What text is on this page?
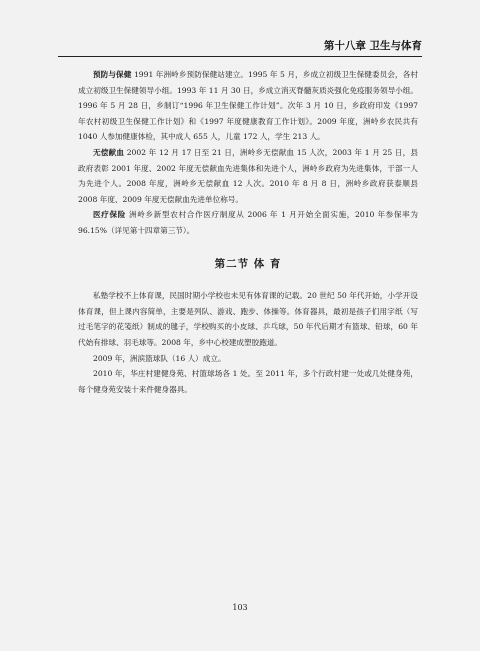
第十八章 卫生与体育

预防与保健 1991 年洲岭乡预防保健站建立。1995 年 5 月，乡成立初级卫生保健委员会，各村成立初级卫生保健领导小组。1993 年 11 月 30 日，乡成立消灭脊髓灰质炎强化免疫服务领导小组。1996 年 5 月 28 日，乡制订“1996 年卫生保健工作计划”。次年 3 月 10 日，乡政府印发《1997 年农村初级卫生保健工作计划》和《1997 年度健康教育工作计划》。2009 年度，洲岭乡农民共有 1040 人参加健康体检，其中成人 655 人，儿童 172 人，学生 213 人。

无偿献血 2002 年 12 月 17 日至 21 日，洲岭乡无偿献血 15 人次，2003 年 1 月 25 日，县政府表彰 2001 年度、2002 年度无偿献血先进集体和先进个人，洲岭乡政府为先进集体，干部一人为先进个人。2008 年度，洲岭乡无偿献血 12 人次。2010 年 8 月 8 日，洲岭乡政府获泰顺县 2008 年度、2009 年度无偿献血先进单位称号。

医疗保险 洲岭乡新型农村合作医疗制度从 2006 年 1 月开始全面实施，2010 年参保率为 96.15%（详见第十四章第三节）。

第二节 体 育

私塾学校不上体育课，民国时期小学校也未见有体育课的记载。20 世纪 50 年代开始，小学开设体育课，但上课内容简单，主要是列队、游戏、跑步、体操等。体育器具，最初是孩子们用字纸（写过毛笔字的花笺纸）制成的毽子，学校购买的小皮球、乒乓球，50 年代后期才有篮球、铅球，60 年代始有排球、羽毛球等。2008 年，乡中心校建成塑胶跑道。

2009 年，洲滨篮球队（16 人）成立。

2010 年，华庄村建健身苑、村篮球场各 1 处。至 2011 年，多个行政村建一处或几处健身苑，每个健身苑安装十来件健身器具。

103
